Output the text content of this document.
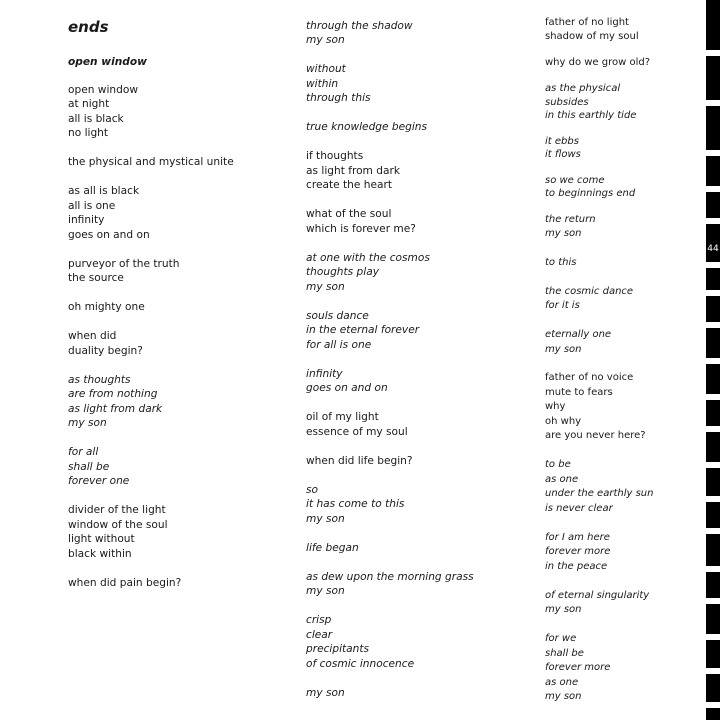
ends
open window
open window
at night
all is black
no light
the physical and mystical unite
as all is black
all is one
infinity
goes on and on
purveyor of the truth
the source
oh mighty one
when did
duality begin?
as thoughts
are from nothing
as light from dark
my son
for all
shall be
forever one
divider of the light
window of the soul
light without
black within
when did pain begin?
through the shadow
my son
without
within
through this
true knowledge begins
if thoughts
as light from dark
create the heart
what of the soul
which is forever me?
at one with the cosmos
thoughts play
my son
souls dance
in the eternal forever
for all is one
infinity
goes on and on
oil of my light
essence of my soul
when did life begin?
so
it has come to this
my son
life began
as dew upon the morning grass
my son
crisp
clear
precipitants
of cosmic innocence
my son
father of no light
shadow of my soul
why do we grow old?
as the physical
subsides
in this earthly tide
it ebbs
it flows
so we come
to beginnings end
the return
my son
to this
the cosmic dance
for it is
eternally one
my son
father of no voice
mute to fears
why
oh why
are you never here?
to be
as one
under the earthly sun
is never clear
for I am here
forever more
in the peace
of eternal singularity
my son
for we
shall be
forever more
as one
my son
44
